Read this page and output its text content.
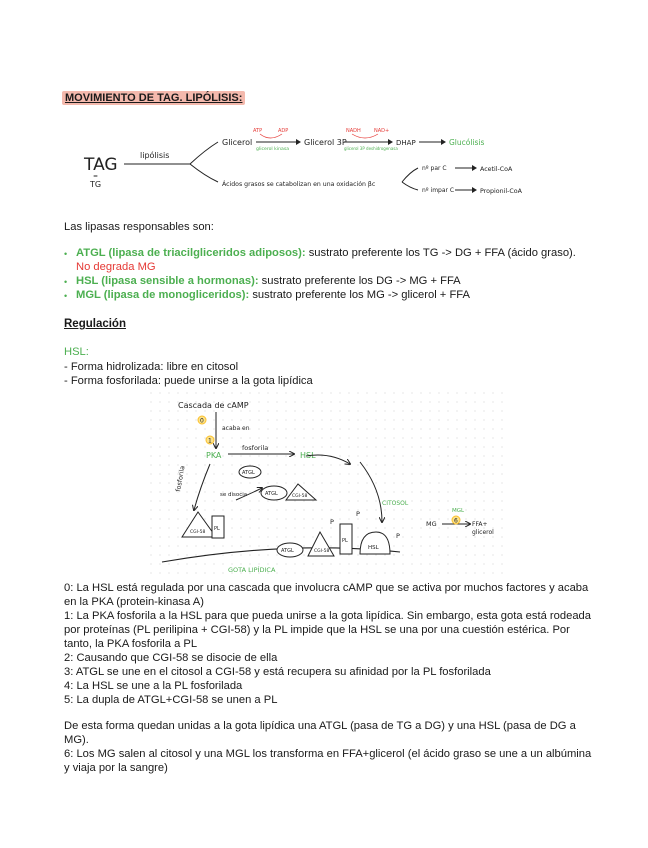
MOVIMIENTO DE TAG. LIPÓLISIS:
TAG
=
TG
lipólisis
Glicerol
ATP	ADP
glicerol kinasa
Glicerol 3P
NADH	NAD+
glicerol 3P deshidrogenasa
DHAP	Glucólisis
Ácidos grasos se catabolizan en una oxidación βc
nº par C
nº impar C
Acetil-CoA
Propionil-CoA
Las lipasas responsables son:
• ATGL (lipasa de triacilgliceridos adiposos): sustrato preferente los TG -> DG + FFA (ácido graso). No degrada MG
• HSL (lipasa sensible a hormonas): sustrato preferente los DG -> MG + FFA
• MGL (lipasa de monogliceridos): sustrato preferente los MG -> glicerol + FFA
Regulación
HSL:
- Forma hidrolizada: libre en citosol
- Forma fosforilada: puede unirse a la gota lipídica
Cascada de cAMP
0
acaba en
PKA
fosforila
HSL
1
fosforila
se disocia
ATGL
ATGL	CGI-58
CGI-58
PL
GOTA LIPÍDICA
ATGL	CGI-58
P
PL
P
HSL
P
CITOSOL
MG
MGL
FFA+
glicerol
6
0: La HSL está regulada por una cascada que involucra cAMP que se activa por muchos factores y acaba en la PKA (protein-kinasa A)
1: La PKA fosforila a la HSL para que pueda unirse a la gota lipídica. Sin embargo, esta gota está rodeada por proteínas (PL perilipina + CGI-58) y la PL impide que la HSL se una por una cuestión estérica. Por tanto, la PKA fosforila a PL
2: Causando que CGI-58 se disocie de ella
3: ATGL se une en el citosol a CGI-58 y está recupera su afinidad por la PL fosforilada
4: La HSL se une a la PL fosforilada
5: La dupla de ATGL+CGI-58 se unen a PL
De esta forma quedan unidas a la gota lipídica una ATGL (pasa de TG a DG) y una HSL (pasa de DG a MG).
6: Los MG salen al citosol y una MGL los transforma en FFA+glicerol (el ácido graso se une a un albúmina y viaja por la sangre)
